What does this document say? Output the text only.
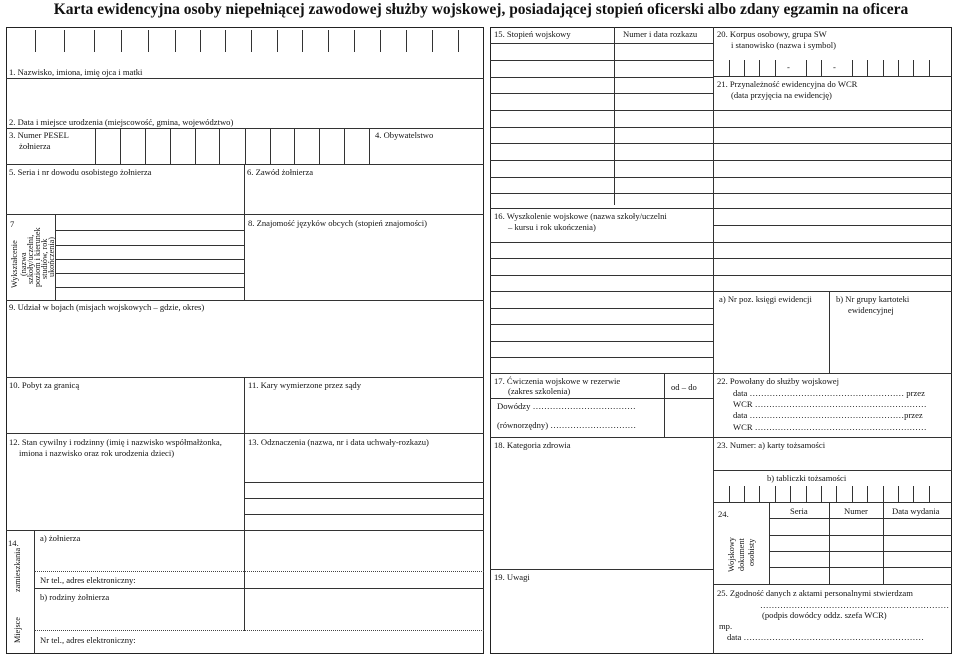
Karta ewidencyjna osoby niepełniącej zawodowej służby wojskowej, posiadającej stopień oficerski albo zdany egzamin na oficera
1. Nazwisko, imiona, imię ojca i matki
2. Data i miejsce urodzenia (miejscowość, gmina, województwo)
3. Numer PESEL
żołnierza
4. Obywatelstwo
5. Seria i nr dowodu osobistego żołnierza	6. Zawód żołnierza
7
Wykształcenie (nazwa
szkoły/uczelni,
poziom i kierunek
studiów, rok
ukończenia)
8. Znajomość języków obcych (stopień znajomości)
9. Udział w bojach (misjach wojskowych – gdzie, okres)
10. Pobyt za granicą	11. Kary wymierzone przez sądy
12. Stan cywilny i rodzinny (imię i nazwisko współmałżonka,
imiona i nazwisko oraz rok urodzenia dzieci)
13. Odznaczenia (nazwa, nr i data uchwały-rozkazu)
14.
zamieszkania
Miejsce
a) żołnierza
Nr tel., adres elektroniczny:
b) rodziny żołnierza
Nr tel., adres elektroniczny:
15. Stopień wojskowy	Numer i data rozkazu
16. Wyszkolenie wojskowe (nazwa szkoły/uczelni
– kursu i rok ukończenia)
17. Ćwiczenia wojskowe w rezerwie
(zakres szkolenia)	od – do
Dowódzy ………………………………
(równorzędny) …………………………
18. Kategoria zdrowia
19. Uwagi
20. Korpus osobowy, grupa SW
i stanowisko (nazwa i symbol)
-	-
21. Przynależność ewidencyjna do WCR
(data przyjęcia na ewidencję)
a) Nr poz. księgi ewidencji	b) Nr grupy kartoteki
ewidencyjnej
22. Powołany do służby wojskowej
data ……………………………………………… przez
WCR ……………………………………………………
data ………………………………………………przez
WCR ……………………………………………………
23. Numer: a) karty tożsamości
b) tabliczki tożsamości
24.
Wojskowy dokument osobisty
Seria	Numer	Data wydania
25. Zgodność danych z aktami personalnymi stwierdzam
…………………………………………………………
(podpis dowódcy oddz. szefa WCR)
mp.
data ………………………………………………………
